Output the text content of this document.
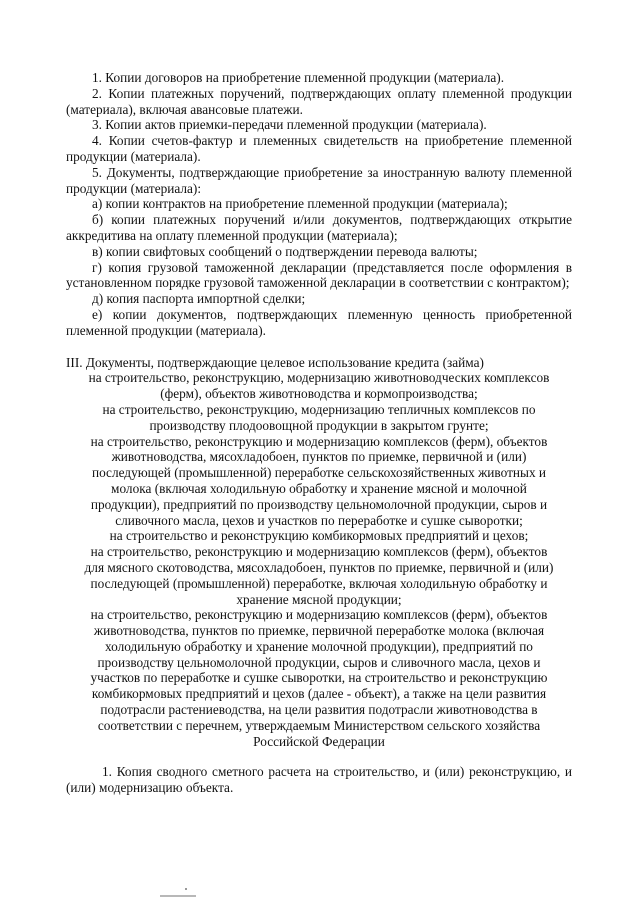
1. Копии договоров на приобретение племенной продукции (материала).

2. Копии платежных поручений, подтверждающих оплату племенной продукции (материала), включая авансовые платежи.

3. Копии актов приемки-передачи племенной продукции (материала).

4. Копии счетов-фактур и племенных свидетельств на приобретение племенной продукции (материала).

5. Документы, подтверждающие приобретение за иностранную валюту племенной продукции (материала):

а) копии контрактов на приобретение племенной продукции (материала);

б) копии платежных поручений и/или документов, подтверждающих открытие аккредитива на оплату племенной продукции (материала);

в) копии свифтовых сообщений о подтверждении перевода валюты;

г) копия грузовой таможенной декларации (представляется после оформления в установленном порядке грузовой таможенной декларации в соответствии с контрактом);

д) копия паспорта импортной сделки;

е) копии документов, подтверждающих племенную ценность приобретенной племенной продукции (материала).

III. Документы, подтверждающие целевое использование кредита (займа)

на строительство, реконструкцию, модернизацию животноводческих комплексов

(ферм), объектов животноводства и кормопроизводства;

на строительство, реконструкцию, модернизацию тепличных комплексов по

производству плодоовощной продукции в закрытом грунте;

на строительство, реконструкцию и модернизацию комплексов (ферм), объектов

животноводства, мясохладобоен, пунктов по приемке, первичной и (или)

последующей (промышленной) переработке сельскохозяйственных животных и

молока (включая холодильную обработку и хранение мясной и молочной

продукции), предприятий по производству цельномолочной продукции, сыров и

сливочного масла, цехов и участков по переработке и сушке сыворотки;

на строительство и реконструкцию комбикормовых предприятий и цехов;

на строительство, реконструкцию и модернизацию комплексов (ферм), объектов

для мясного скотоводства, мясохладобоен, пунктов по приемке, первичной и (или)

последующей (промышленной) переработке, включая холодильную обработку и

хранение мясной продукции;

на строительство, реконструкцию и модернизацию комплексов (ферм), объектов

животноводства, пунктов по приемке, первичной переработке молока (включая

холодильную обработку и хранение молочной продукции), предприятий по

производству цельномолочной продукции, сыров и сливочного масла, цехов и

участков по переработке и сушке сыворотки, на строительство и реконструкцию

комбикормовых предприятий и цехов (далее - объект), а также на цели развития

подотрасли растениеводства, на цели развития подотрасли животноводства в

соответствии с перечнем, утверждаемым Министерством сельского хозяйства

Российской Федерации

1. Копия сводного сметного расчета на строительство, и (или) реконструкцию, и (или) модернизацию объекта.
